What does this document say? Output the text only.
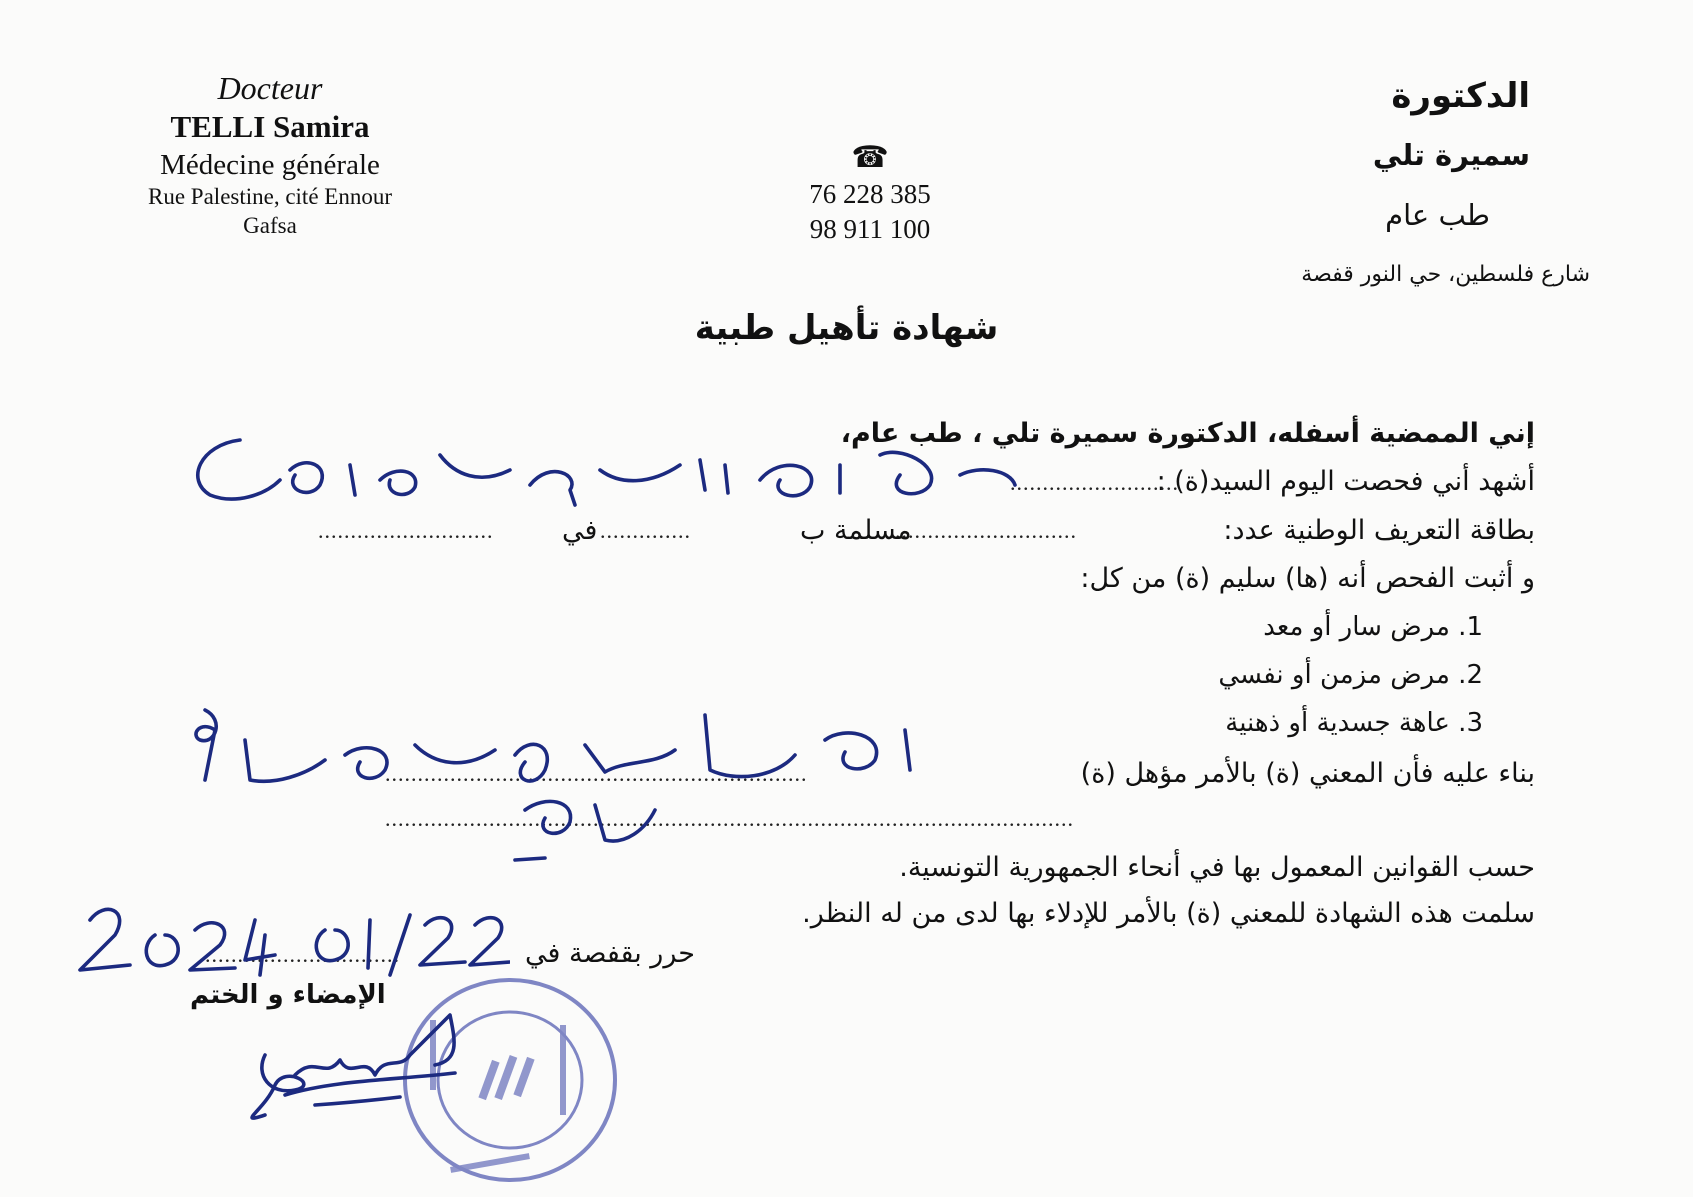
Docteur
TELLI Samira
Médecine générale
Rue Palestine, cité Ennour
Gafsa
☎
76 228 385
98 911 100
الدكتورة
سميرة تلي
طب عام
شارع فلسطين، حي النور قفصة
شهادة تأهيل طبية
إني الممضية أسفله، الدكتورة سميرة تلي ، طب عام،
أشهد أني فحصت اليوم السيد(ة) :
..........................
بطاقة التعريف الوطنية عدد:
............................
مسلمة ب
..............
في
...........................
و أثبت الفحص أنه (ها) سليم (ة) من كل:
1. مرض سار أو معد
2. مرض مزمن أو نفسي
3. عاهة جسدية أو ذهنية
بناء عليه فأن المعني (ة) بالأمر مؤهل (ة)
.................................................................
..........................................................................................................
حسب القوانين المعمول بها في أنحاء الجمهورية التونسية.
سلمت هذه الشهادة للمعني (ة) بالأمر للإدلاء بها لدى من له النظر.
حرر بقفصة في
..............................
الإمضاء و الختم
